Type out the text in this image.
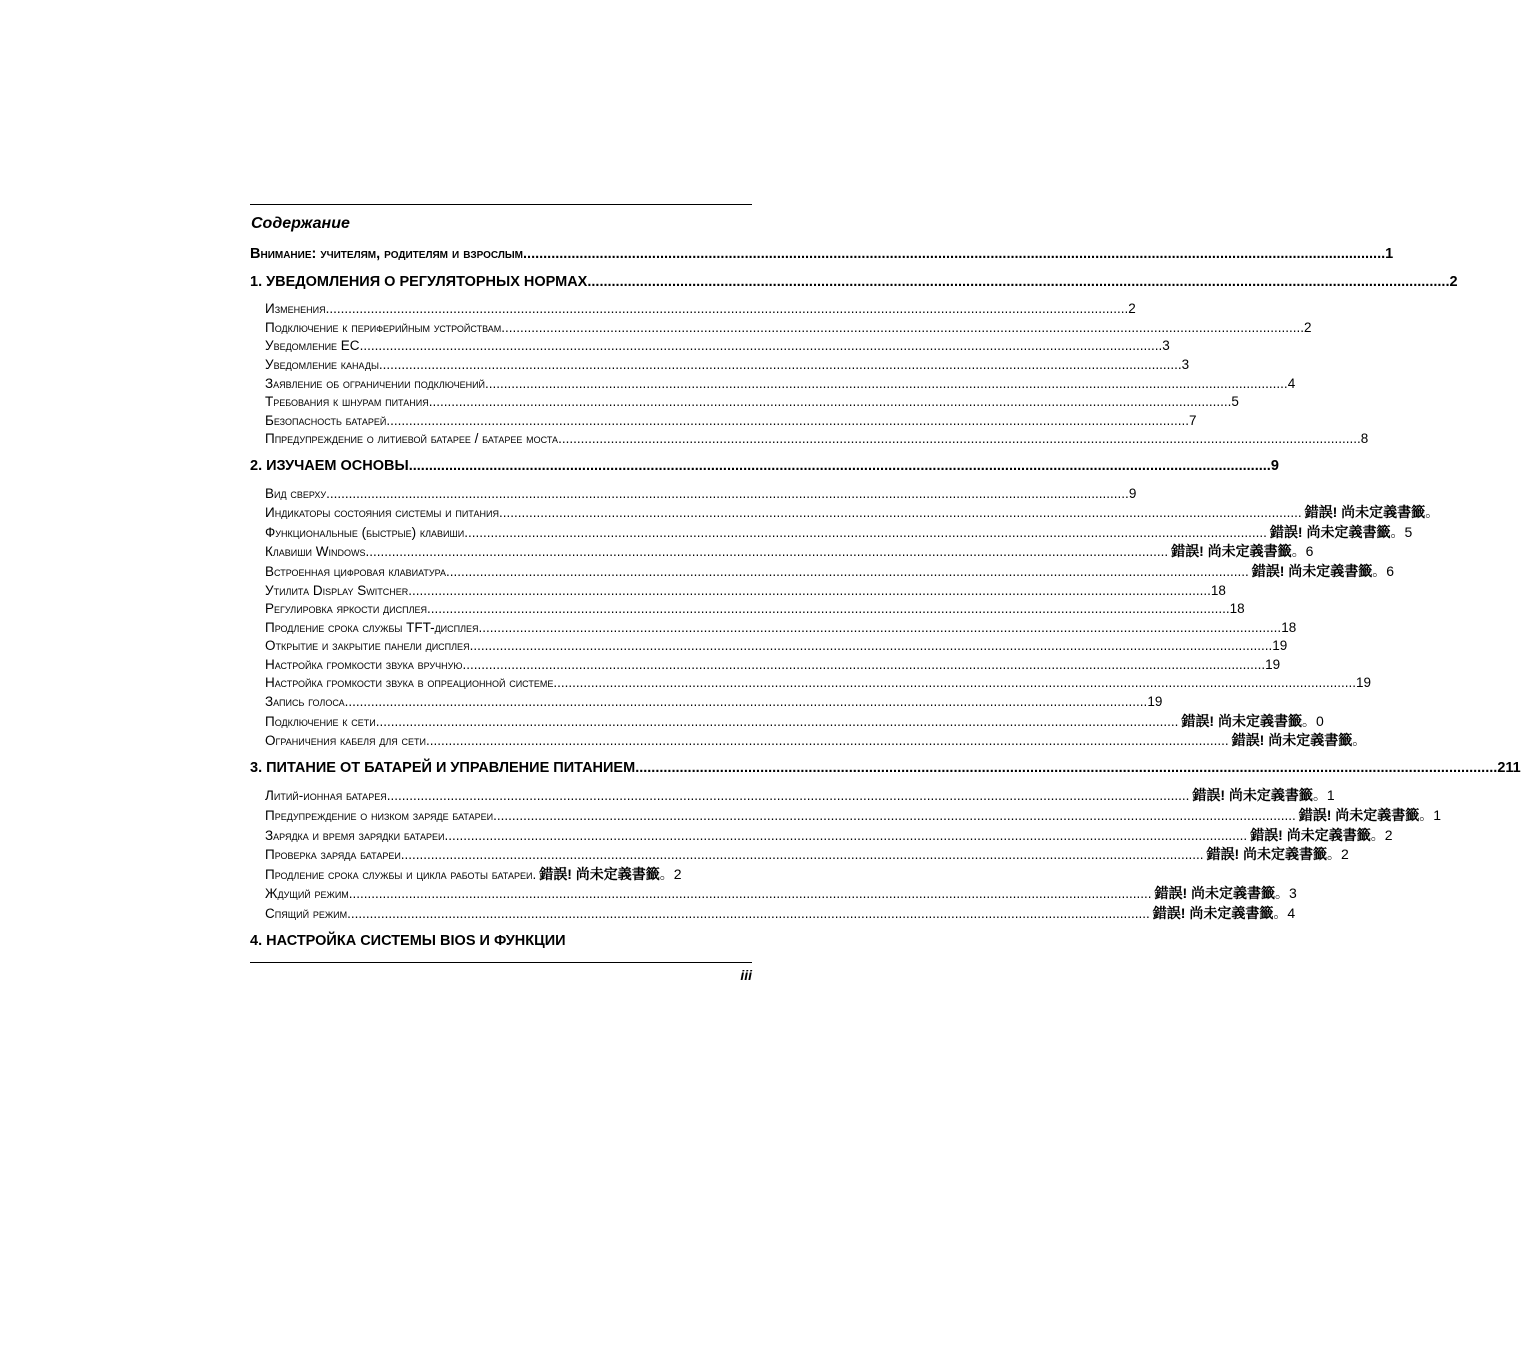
Содержание
Внимание: учителям, родителям и взрослым .....	1
1. УВЕДОМЛЕНИЯ О РЕГУЛЯТОРНЫХ НОРМАХ .....	2
Изменения .....	2
Подключение к периферийным устройствам .....	2
Уведомление ЕС .....	3
Уведомление канады .....	3
Заявление об ограничении подключений .....	4
Требования к шнурам питания .....	5
Безопасность батарей .....	7
Ппредупреждение о литиевой батарее / батарее моста .....	8
2. ИЗУЧАЕМ ОСНОВЫ .....	9
Вид сверху .....	9
Индикаторы состояния системы и питания .....	錯誤! 尚未定義書籤 。
Функциональные (быстрые) клавиши .....	錯誤! 尚未定義書籤 。5
Клавиши Windows .....	錯誤! 尚未定義書籤 。6
Встроенная цифровая клавиатура .....	錯誤! 尚未定義書籤 。6
Утилита Display Switcher .....	18
Регулировка яркости дисплея .....	18
Продление срока службы TFT-дисплея .....	18
Открытие и закрытие панели дисплея .....	19
Настройка громкости звука вручную .....	19
Настройка громкости звука в опреационной системе .....	19
Запись голоса .....	19
Подключение к сети .....	錯誤! 尚未定義書籤 。0
Ограничения кабеля для сети .....	錯誤! 尚未定義書籤 。
3. ПИТАНИЕ ОТ БАТАРЕЙ И УПРАВЛЕНИЕ ПИТАНИЕМ .....	211
Литий-ионная батарея .....	錯誤! 尚未定義書籤 。1
Предупреждение о низком заряде батареи .....	錯誤! 尚未定義書籤 。1
Зарядка и время зарядки батареи .....	錯誤! 尚未定義書籤 。2
Проверка заряда батареи .....	錯誤! 尚未定義書籤 。2
Продление срока службы и цикла работы батареи. 錯誤! 尚未定義書籤 。2
Ждущий режим .....	錯誤! 尚未定義書籤 。3
Спящий режим .....	錯誤! 尚未定義書籤 。4
4. НАСТРОЙКА СИСТЕМЫ BIOS И ФУНКЦИИ
iii
